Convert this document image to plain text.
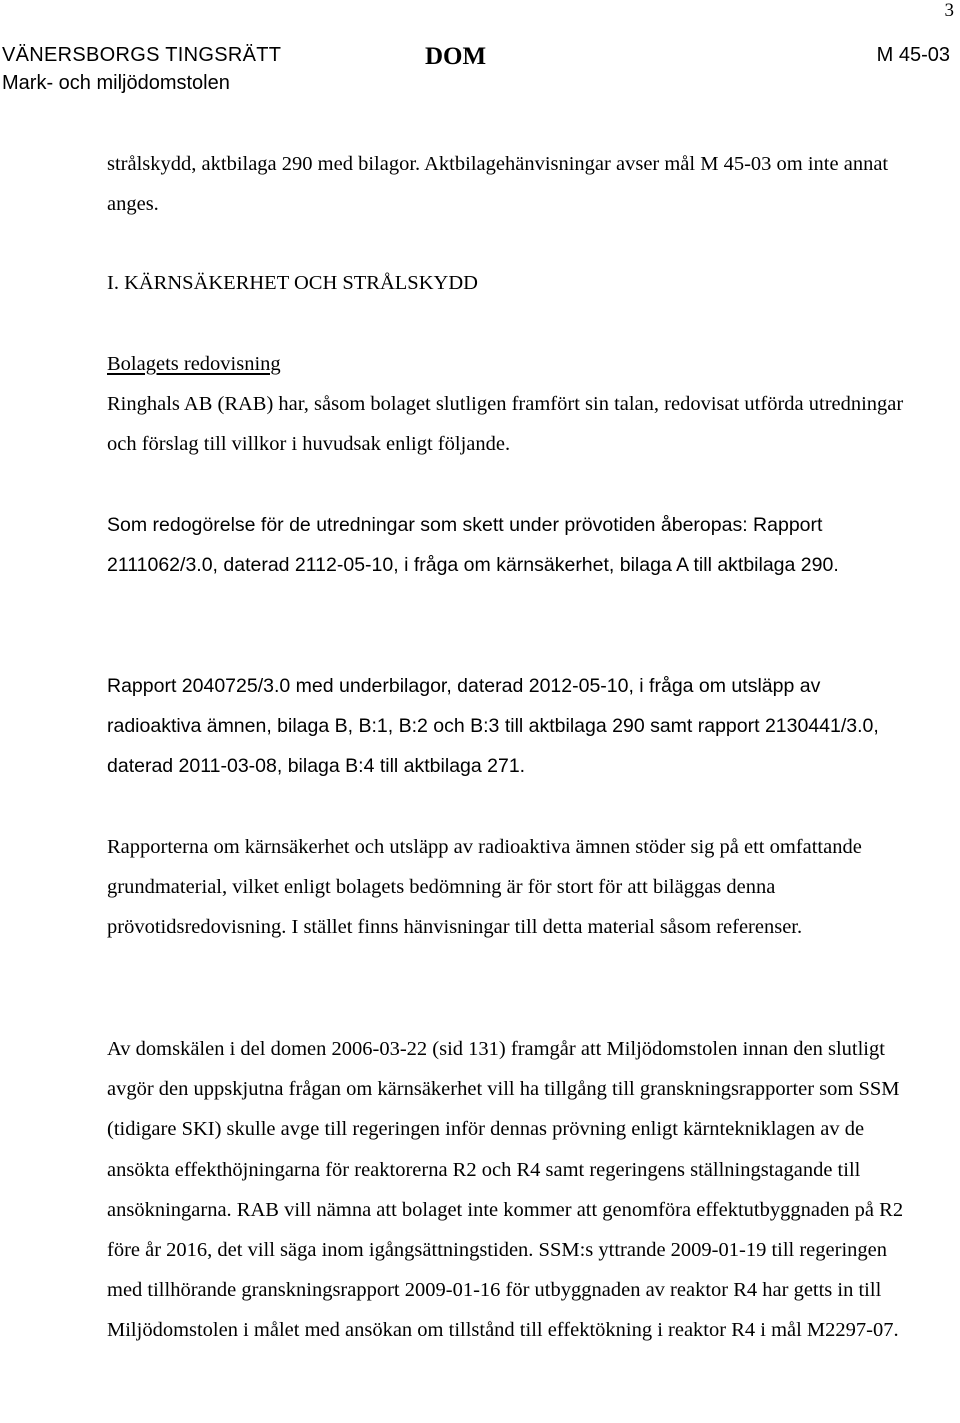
3
VÄNERSBORGS TINGSRÄTT
Mark- och miljödomstolen
DOM	M 45-03

strålskydd, aktbilaga 290 med bilagor. Aktbilagehänvisningar avser mål M 45-03 om inte annat anges.

I. KÄRNSÄKERHET OCH STRÅLSKYDD

Bolagets redovisning

Ringhals AB (RAB) har, såsom bolaget slutligen framfört sin talan, redovisat utförda utredningar och förslag till villkor i huvudsak enligt följande.

Som redogörelse för de utredningar som skett under prövotiden åberopas: Rapport 2111062/3.0, daterad 2112-05-10, i fråga om kärnsäkerhet, bilaga A till aktbilaga 290.

Rapport 2040725/3.0 med underbilagor, daterad 2012-05-10, i fråga om utsläpp av radioaktiva ämnen, bilaga B, B:1, B:2 och B:3 till aktbilaga 290 samt rapport 2130441/3.0, daterad 2011-03-08, bilaga B:4 till aktbilaga 271.

Rapporterna om kärnsäkerhet och utsläpp av radioaktiva ämnen stöder sig på ett omfattande grundmaterial, vilket enligt bolagets bedömning är för stort för att biläggas denna prövotidsredovisning. I stället finns hänvisningar till detta material såsom referenser.

Av domskälen i del domen 2006-03-22 (sid 131) framgår att Miljödomstolen innan den slutligt avgör den uppskjutna frågan om kärnsäkerhet vill ha tillgång till granskningsrapporter som SSM (tidigare SKI) skulle avge till regeringen inför dennas prövning enligt kärntekniklagen av de ansökta effekthöjningarna för reaktorerna R2 och R4 samt regeringens ställningstagande till ansökningarna. RAB vill nämna att bolaget inte kommer att genomföra effektutbyggnaden på R2 före år 2016, det vill säga inom igångsättningstiden. SSM:s yttrande 2009-01-19 till regeringen med tillhörande granskningsrapport 2009-01-16 för utbyggnaden av reaktor R4 har getts in till Miljödomstolen i målet med ansökan om tillstånd till effektökning i reaktor R4 i mål M2297-07.
